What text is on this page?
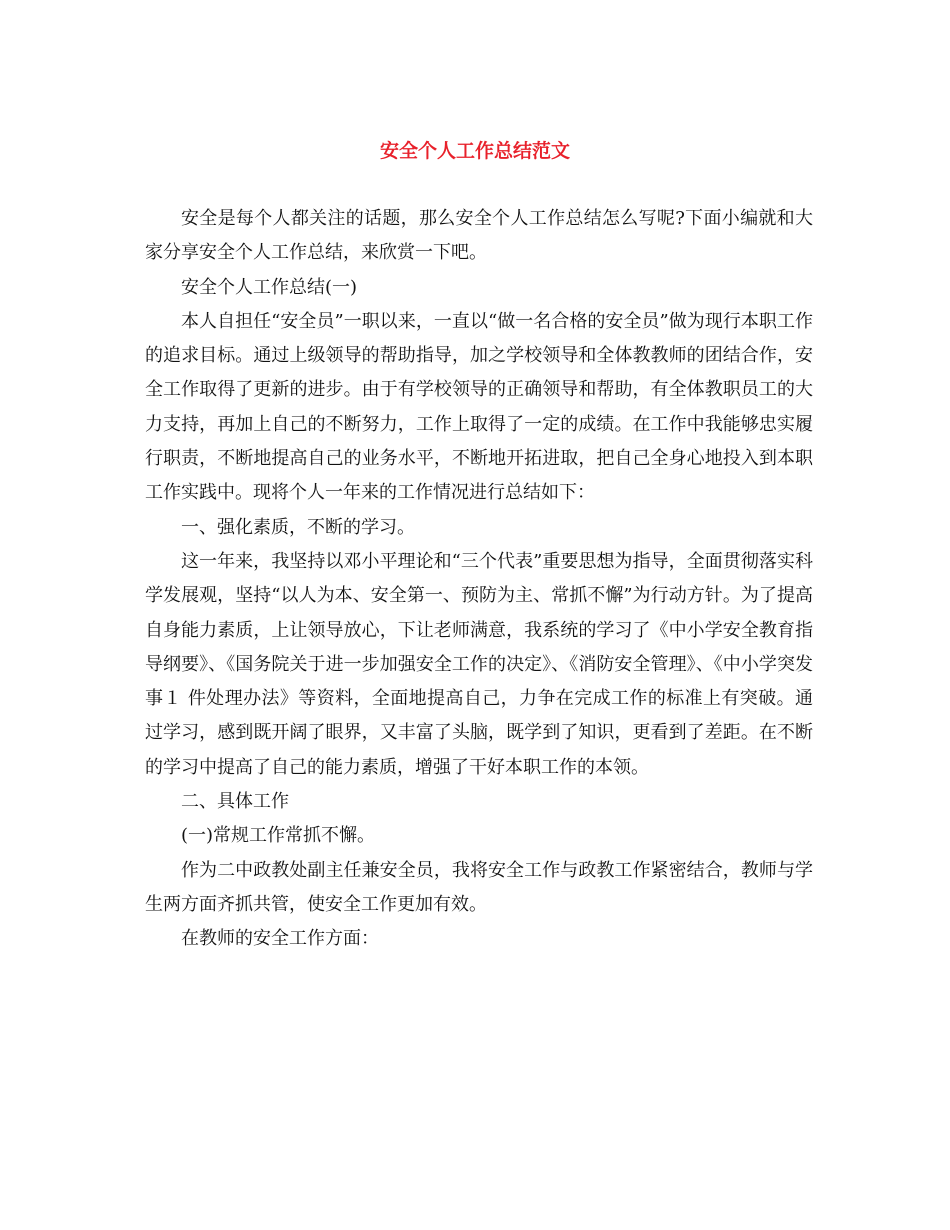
安全个人工作总结范文

安全是每个人都关注的话题，那么安全个人工作总结怎么写呢?下面小编就和大家分享安全个人工作总结，来欣赏一下吧。

安全个人工作总结(一)

本人自担任“安全员”一职以来，一直以“做一名合格的安全员”做为现行本职工作的追求目标。通过上级领导的帮助指导，加之学校领导和全体教教师的团结合作，安全工作取得了更新的进步。由于有学校领导的正确领导和帮助，有全体教职员工的大力支持，再加上自己的不断努力，工作上取得了一定的成绩。在工作中我能够忠实履行职责，不断地提高自己的业务水平，不断地开拓进取，把自己全身心地投入到本职工作实践中。现将个人一年来的工作情况进行总结如下：

一、强化素质，不断的学习。

这一年来，我坚持以邓小平理论和“三个代表”重要思想为指导，全面贯彻落实科学发展观，坚持“以人为本、安全第一、预防为主、常抓不懈”为行动方针。为了提高自身能力素质，上让领导放心，下让老师满意，我系统的学习了《中小学安全教育指导纲要》、《国务院关于进一步加强安全工作的决定》、《消防安全管理》、《中小学突发事１ 件处理办法》等资料，全面地提高自己，力争在完成工作的标准上有突破。通过学习，感到既开阔了眼界，又丰富了头脑，既学到了知识，更看到了差距。在不断的学习中提高了自己的能力素质，增强了干好本职工作的本领。

二、具体工作

(一)常规工作常抓不懈。

作为二中政教处副主任兼安全员，我将安全工作与政教工作紧密结合，教师与学生两方面齐抓共管，使安全工作更加有效。

在教师的安全工作方面：
